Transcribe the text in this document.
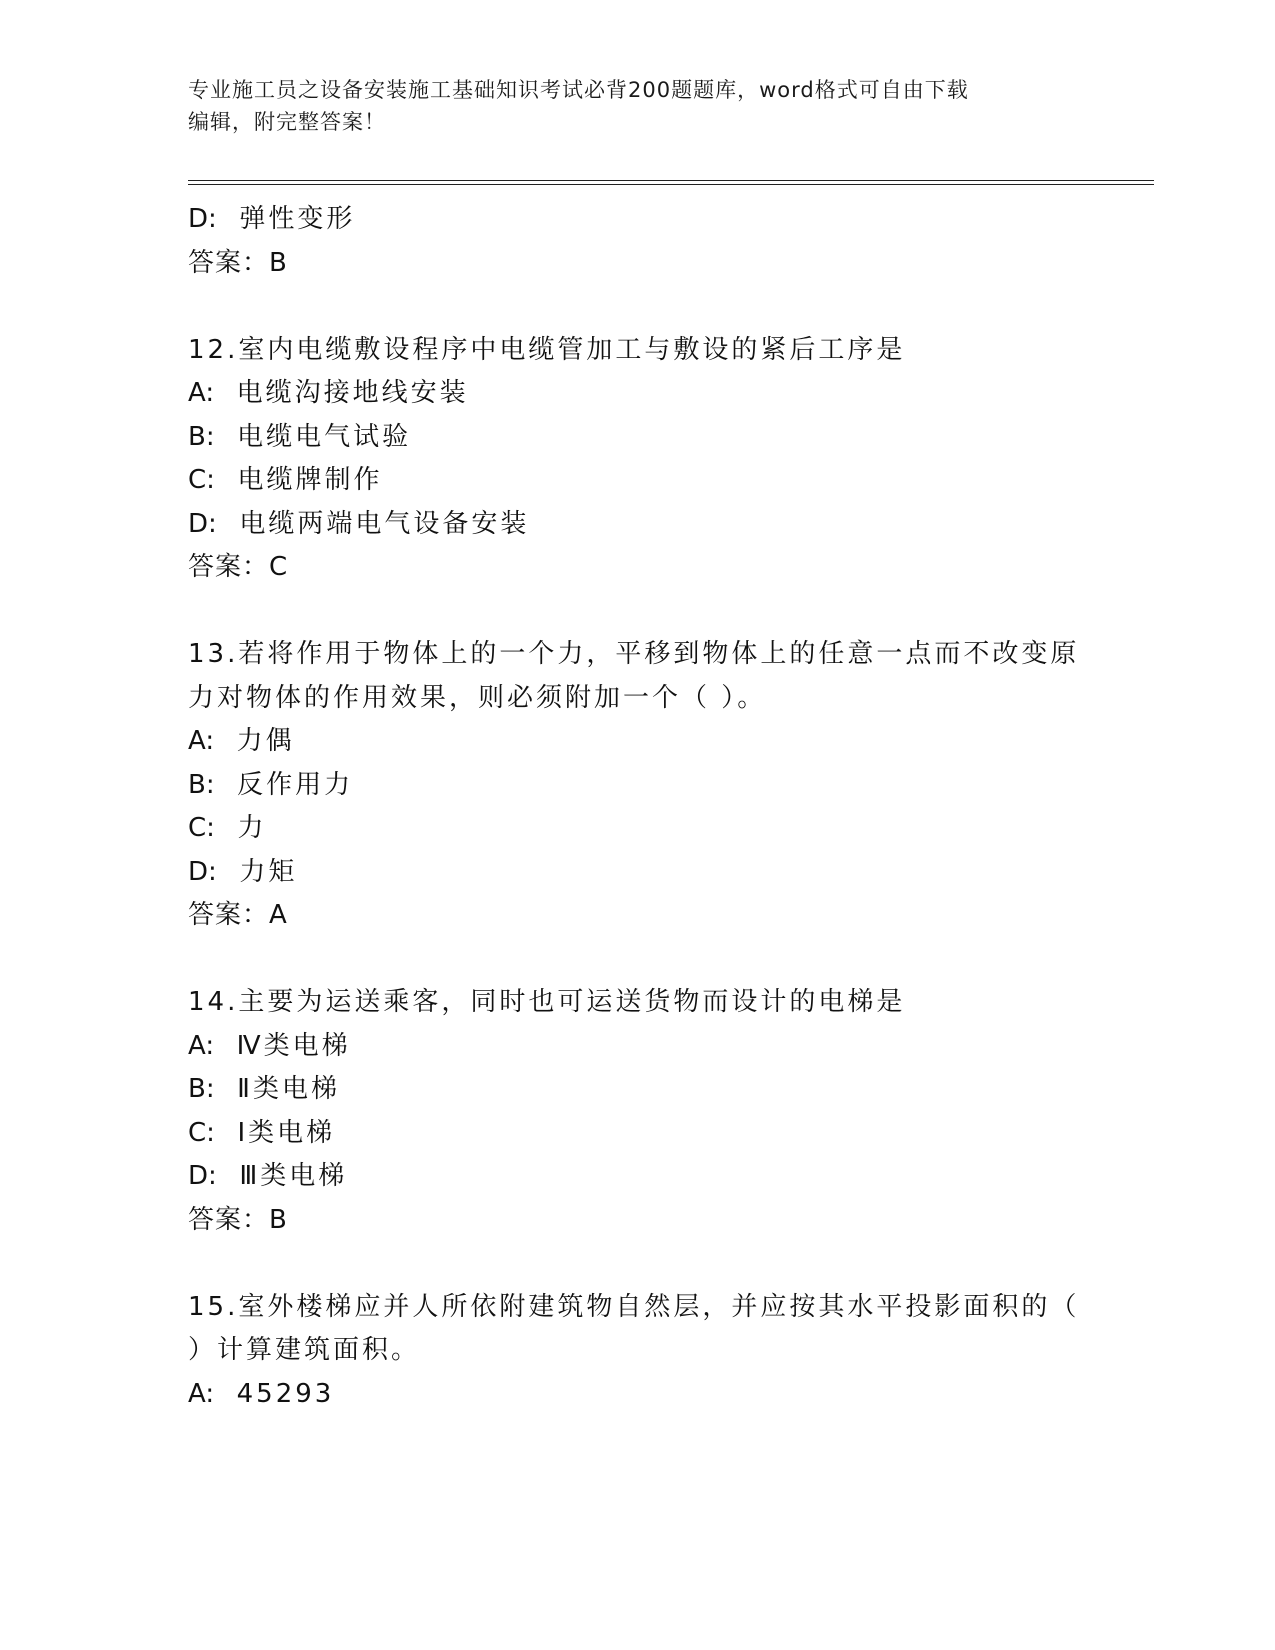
专业施工员之设备安装施工基础知识考试必背200题题库，word格式可自由下载
编辑，附完整答案！
D: 弹性变形
答案：B
12.室内电缆敷设程序中电缆管加工与敷设的紧后工序是
A: 电缆沟接地线安装
B: 电缆电气试验
C: 电缆牌制作
D: 电缆两端电气设备安装
答案：C
13.若将作用于物体上的一个力，平移到物体上的任意一点而不改变原
力对物体的作用效果，则必须附加一个（ ）。
A: 力偶
B: 反作用力
C: 力
D: 力矩
答案：A
14.主要为运送乘客，同时也可运送货物而设计的电梯是
A: Ⅳ类电梯
B: Ⅱ类电梯
C: Ⅰ类电梯
D: Ⅲ类电梯
答案：B
15.室外楼梯应并人所依附建筑物自然层，并应按其水平投影面积的（
）计算建筑面积。
A: 45293
